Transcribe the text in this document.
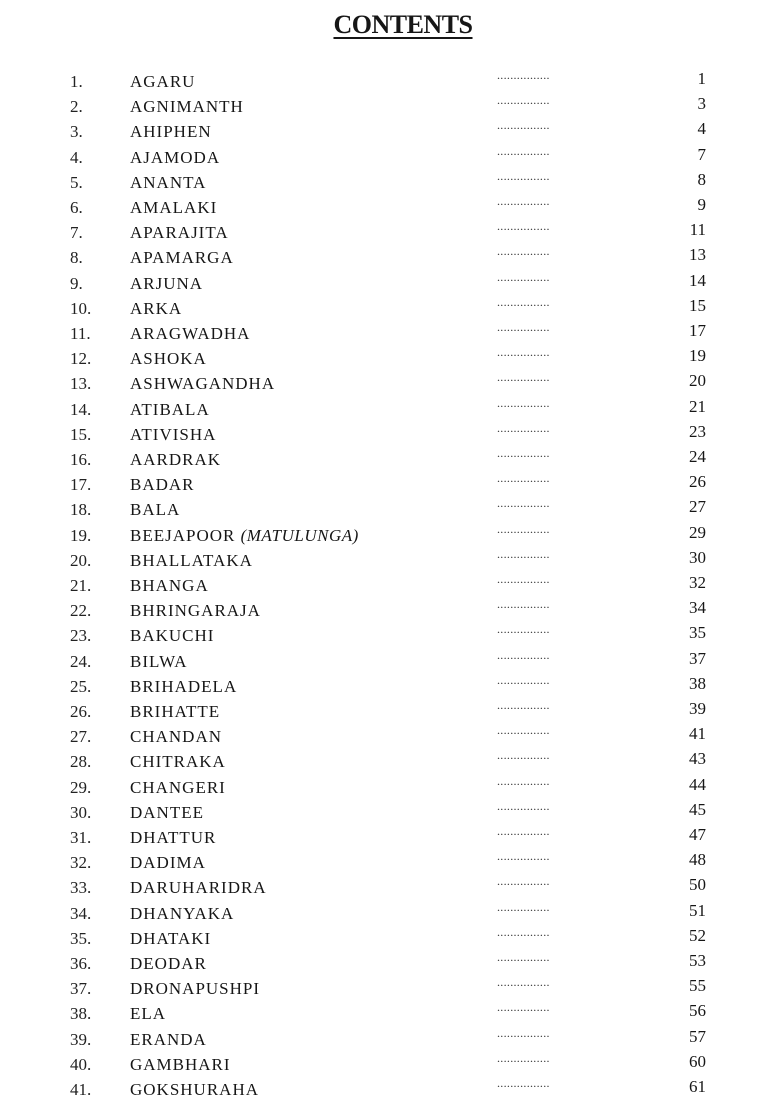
CONTENTS
1.	AGARU	................	1
2.	AGNIMANTH	................	3
3.	AHIPHEN	................	4
4.	AJAMODA	................	7
5.	ANANTA	................	8
6.	AMALAKI	................	9
7.	APARAJITA	................	11
8.	APAMARGA	................	13
9.	ARJUNA	................	14
10. ARKA	................	15
11. ARAGWADHA	................	17
12. ASHOKA	................	19
13. ASHWAGANDHA	................	20
14. ATIBALA	................	21
15. ATIVISHA	................	23
16. AARDRAK	................	24
17. BADAR	................	26
18. BALA	................	27
19. BEEJAPOOR (MATULUNGA)	................	29
20. BHALLATAKA	................	30
21. BHANGA	................	32
22. BHRINGARAJA	................	34
23. BAKUCHI	................	35
24. BILWA	................	37
25. BRIHADELA	................	38
26. BRIHATTE	................	39
27. CHANDAN	................	41
28. CHITRAKA	................	43
29. CHANGERI	................	44
30. DANTEE	................	45
31. DHATTUR	................	47
32. DADIMA	................	48
33. DARUHARIDRA	................	50
34. DHANYAKA	................	51
35. DHATAKI	................	52
36. DEODAR	................	53
37. DRONAPUSHPI	................	55
38. ELA	................	56
39. ERANDA	................	57
40. GAMBHARI	................	60
41. GOKSHURAHA	................	61
